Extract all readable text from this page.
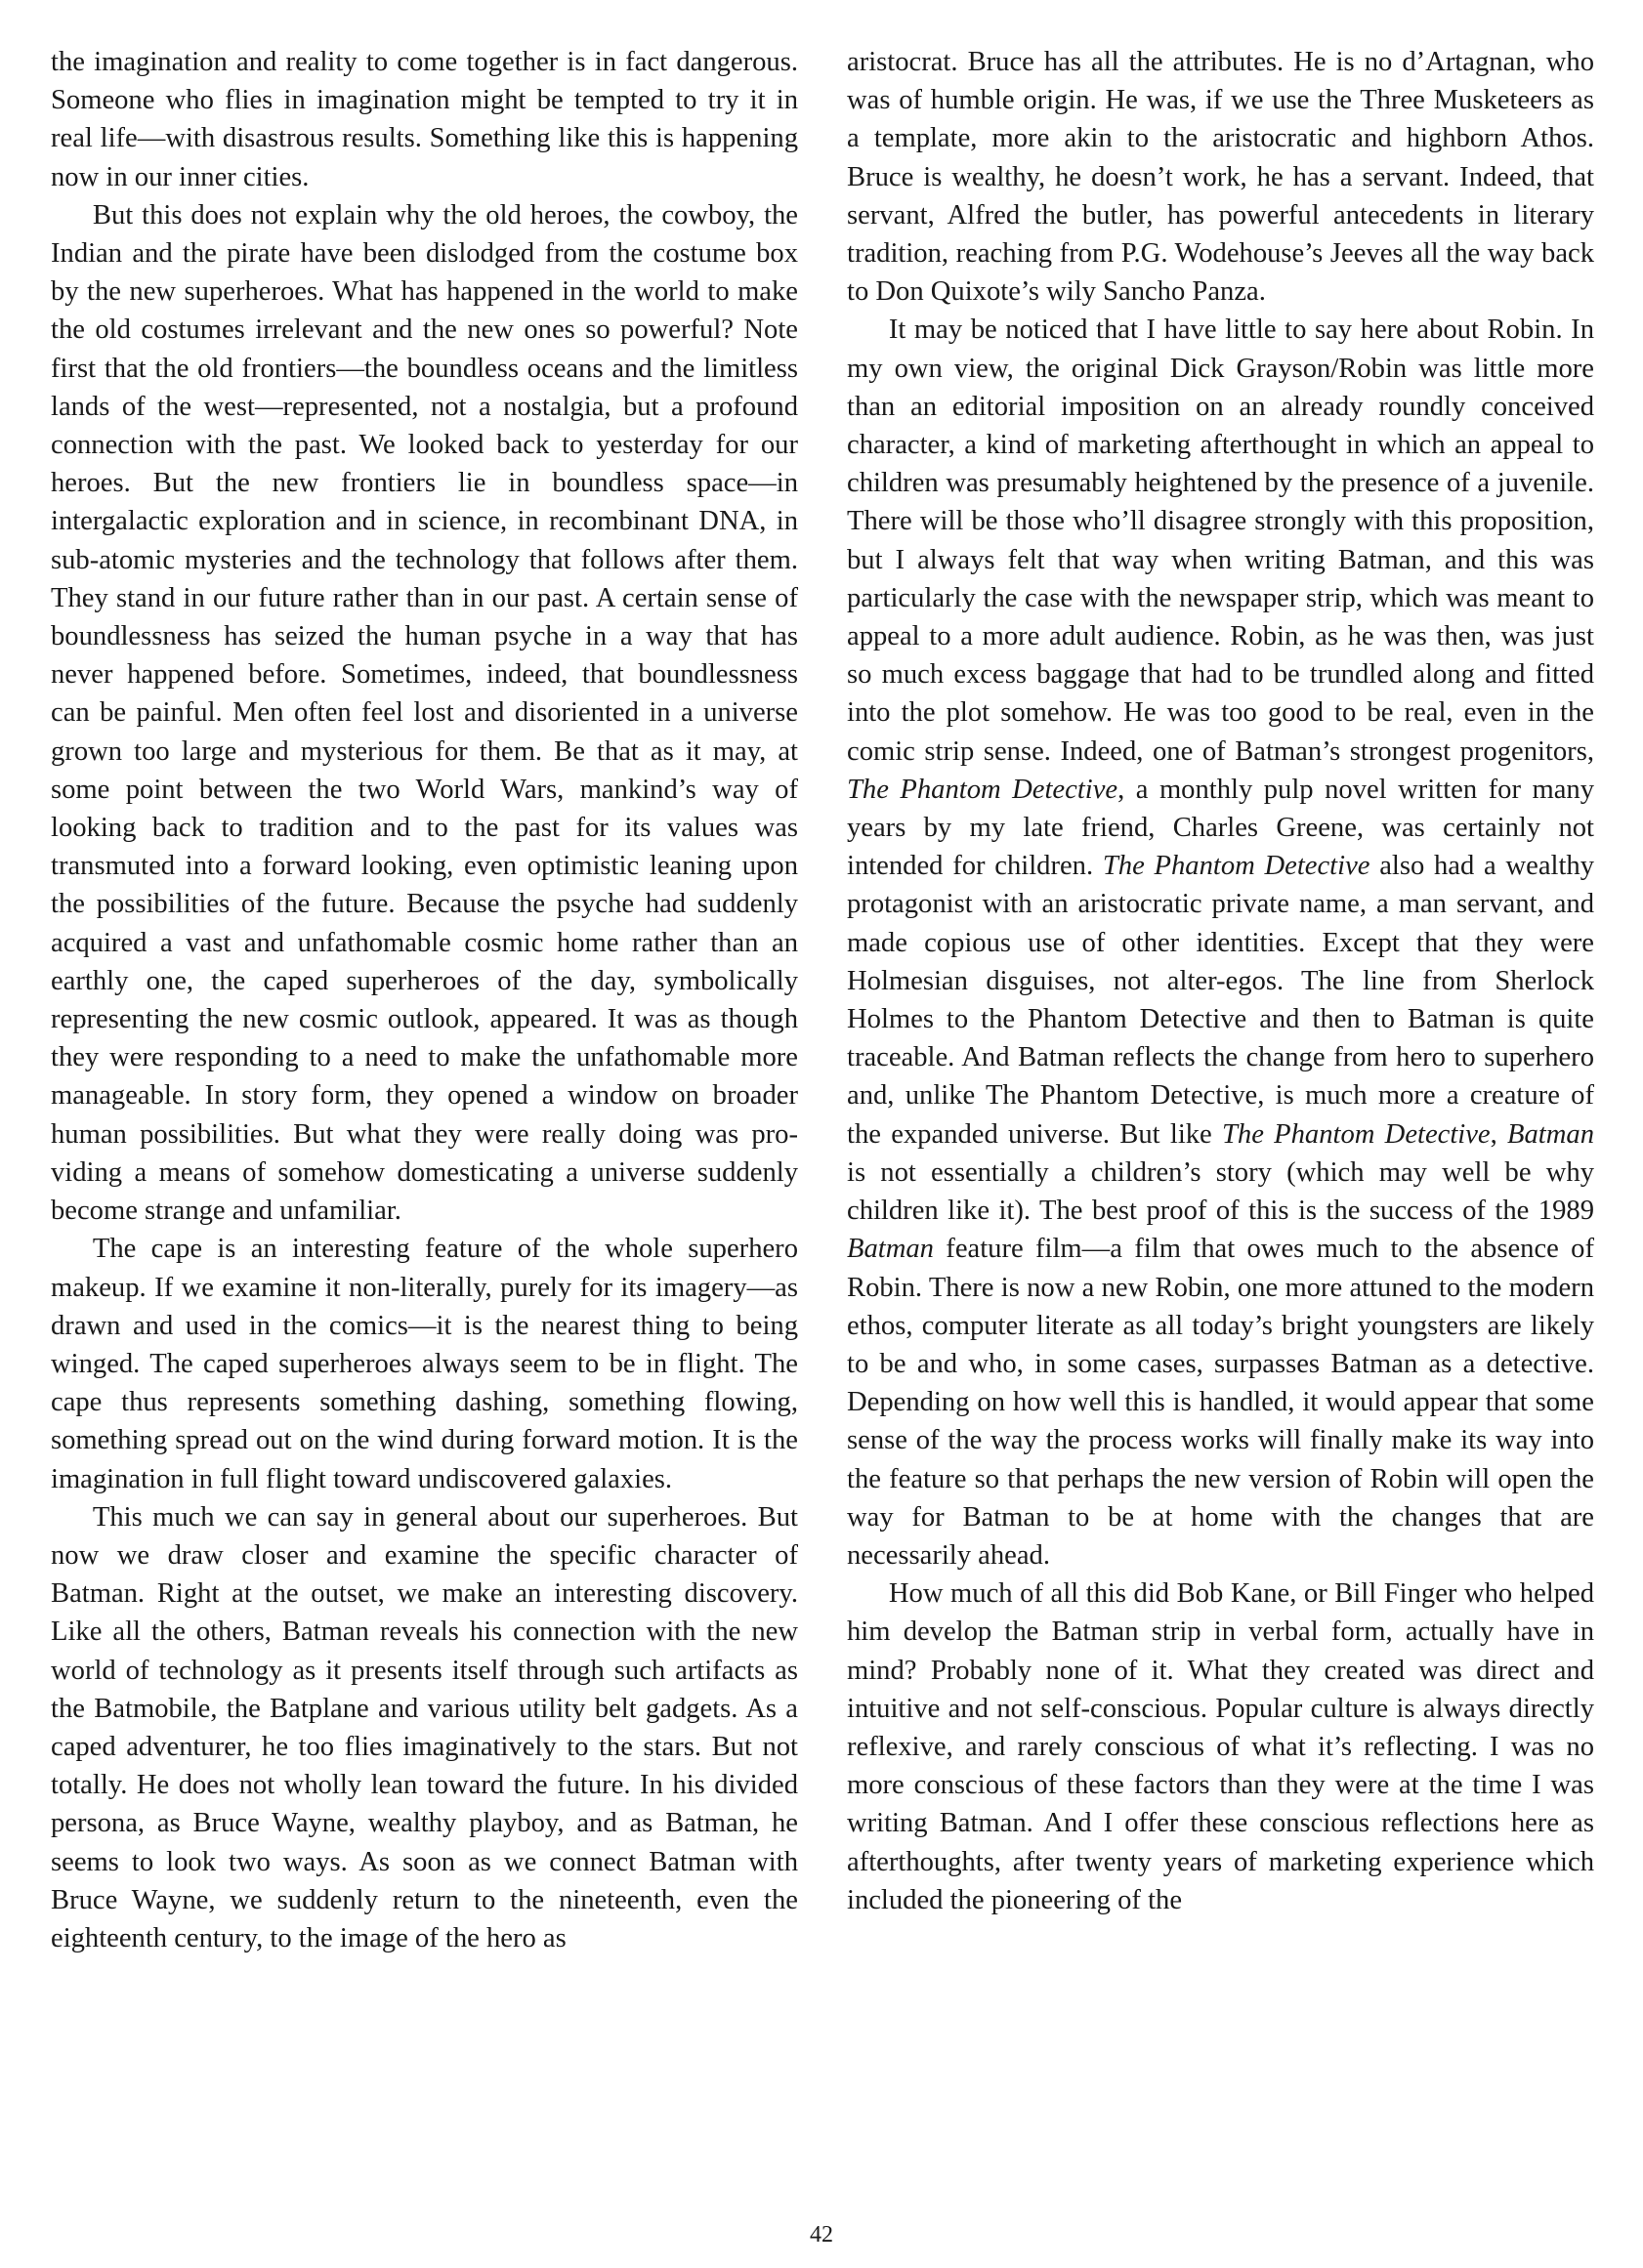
the imagination and reality to come together is in fact dangerous. Someone who flies in imagination might be tempted to try it in real life—with disastrous results. Something like this is happening now in our inner cities.

But this does not explain why the old heroes, the cowboy, the Indian and the pirate have been dislodged from the costume box by the new superheroes. What has happened in the world to make the old costumes irrelevant and the new ones so powerful? Note first that the old frontiers—the boundless oceans and the limitless lands of the west—represented, not a nostalgia, but a profound connection with the past. We looked back to yesterday for our heroes. But the new frontiers lie in boundless space—in intergalactic exploration and in science, in recombinant DNA, in sub-atomic mysteries and the technology that follows after them. They stand in our future rather than in our past. A certain sense of boundlessness has seized the human psyche in a way that has never happened before. Sometimes, indeed, that boundlessness can be painful. Men often feel lost and disoriented in a universe grown too large and mysterious for them. Be that as it may, at some point between the two World Wars, mankind’s way of looking back to tradition and to the past for its values was transmuted into a forward looking, even optimistic leaning upon the possibilities of the future. Because the psyche had suddenly acquired a vast and unfathomable cosmic home rather than an earthly one, the caped superheroes of the day, symbolically representing the new cosmic outlook, appeared. It was as though they were responding to a need to make the unfathomable more manageable. In story form, they opened a window on broader human possibilities. But what they were really doing was providing a means of somehow domesticating a universe suddenly become strange and unfamiliar.

The cape is an interesting feature of the whole superhero makeup. If we examine it non-literally, purely for its imagery—as drawn and used in the comics—it is the nearest thing to being winged. The caped superheroes always seem to be in flight. The cape thus represents something dashing, something flowing, something spread out on the wind during forward motion. It is the imagination in full flight toward undiscovered galaxies.

This much we can say in general about our superheroes. But now we draw closer and examine the specific character of Batman. Right at the outset, we make an interesting discovery. Like all the others, Batman reveals his connection with the new world of technology as it presents itself through such artifacts as the Batmobile, the Batplane and various utility belt gadgets. As a caped adventurer, he too flies imaginatively to the stars. But not totally. He does not wholly lean toward the future. In his divided persona, as Bruce Wayne, wealthy playboy, and as Batman, he seems to look two ways. As soon as we connect Batman with Bruce Wayne, we suddenly return to the nineteenth, even the eighteenth century, to the image of the hero as

aristocrat. Bruce has all the attributes. He is no d’Artagnan, who was of humble origin. He was, if we use the Three Musketeers as a template, more akin to the aristocratic and highborn Athos. Bruce is wealthy, he doesn’t work, he has a servant. Indeed, that servant, Alfred the butler, has powerful antecedents in literary tradition, reaching from P.G. Wodehouse’s Jeeves all the way back to Don Quixote’s wily Sancho Panza.

It may be noticed that I have little to say here about Robin. In my own view, the original Dick Grayson/Robin was little more than an editorial imposition on an already roundly conceived character, a kind of marketing afterthought in which an appeal to children was presumably heightened by the presence of a juvenile. There will be those who’ll disagree strongly with this proposition, but I always felt that way when writing Batman, and this was particularly the case with the newspaper strip, which was meant to appeal to a more adult audience. Robin, as he was then, was just so much excess baggage that had to be trundled along and fitted into the plot somehow. He was too good to be real, even in the comic strip sense. Indeed, one of Batman’s strongest progenitors, The Phantom Detective, a monthly pulp novel written for many years by my late friend, Charles Greene, was certainly not intended for children. The Phantom Detective also had a wealthy protagonist with an aristocratic private name, a man servant, and made copious use of other identities. Except that they were Holmesian disguises, not alter-egos. The line from Sherlock Holmes to the Phantom Detective and then to Batman is quite traceable. And Batman reflects the change from hero to superhero and, unlike The Phantom Detective, is much more a creature of the expanded universe. But like The Phantom Detective, Batman is not essentially a children’s story (which may well be why children like it). The best proof of this is the success of the 1989 Batman feature film—a film that owes much to the absence of Robin. There is now a new Robin, one more attuned to the modern ethos, computer literate as all today’s bright youngsters are likely to be and who, in some cases, surpasses Batman as a detective. Depending on how well this is handled, it would appear that some sense of the way the process works will finally make its way into the feature so that perhaps the new version of Robin will open the way for Batman to be at home with the changes that are necessarily ahead.

How much of all this did Bob Kane, or Bill Finger who helped him develop the Batman strip in verbal form, actually have in mind? Probably none of it. What they created was direct and intuitive and not self-conscious. Popular culture is always directly reflexive, and rarely conscious of what it’s reflecting. I was no more conscious of these factors than they were at the time I was writing Batman. And I offer these conscious reflections here as afterthoughts, after twenty years of marketing experience which included the pioneering of the

42
